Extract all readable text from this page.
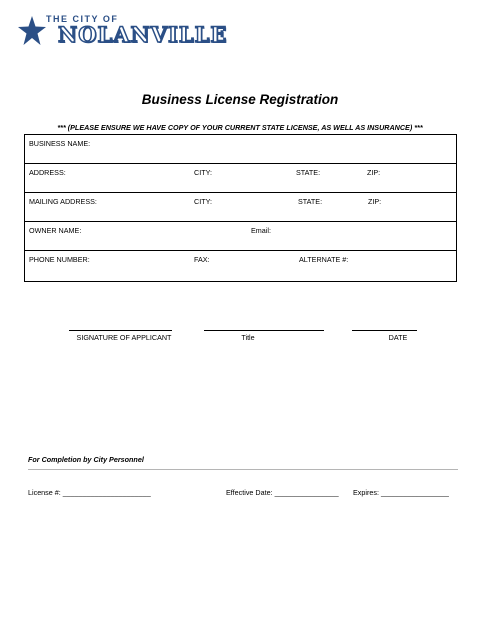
THE CITY OF
NOLANVILLE
Business License Registration
*** (PLEASE ENSURE WE HAVE COPY OF YOUR CURRENT STATE LICENSE, AS WELL AS INSURANCE) ***
BUSINESS NAME:
ADDRESS:	CITY:	STATE:	ZIP:
MAILING ADDRESS:	CITY:	STATE:	ZIP:
OWNER NAME:	Email:
PHONE NUMBER:	FAX:	ALTERNATE #:
SIGNATURE OF APPLICANT	Title	DATE
For Completion by City Personnel
License #: ______________________	Effective Date: ________________ Expires: _________________
